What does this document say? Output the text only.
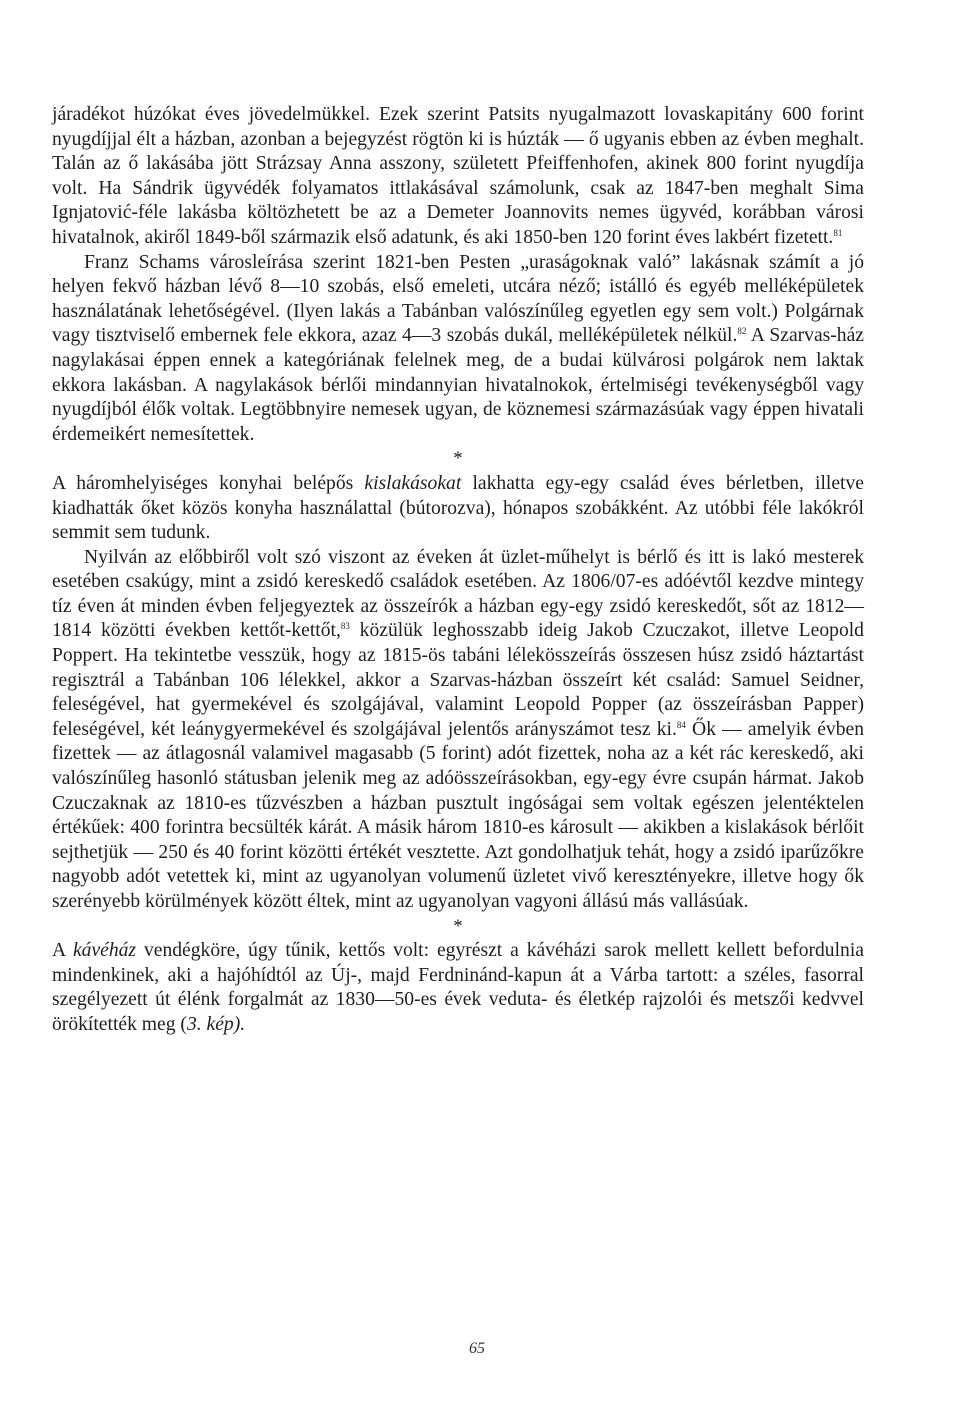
járadékot húzókat éves jövedelmükkel. Ezek szerint Patsits nyugalmazott lovaskapitány 600 forint nyugdíjjal élt a házban, azonban a bejegyzést rögtön ki is húzták — ő ugyanis ebben az évben meghalt. Talán az ő lakásába jött Strázsay Anna asszony, született Pfeiffenhofen, akinek 800 forint nyugdíja volt. Ha Sándrik ügyvédék folyamatos ittlakásával számolunk, csak az 1847-ben meghalt Sima Ignjatović-féle lakásba költözhetett be az a Demeter Joannovits nemes ügyvéd, korábban városi hivatalnok, akiről 1849-ből származik első adatunk, és aki 1850-ben 120 forint éves lakbért fizetett.$^{81}$

Franz Schams városleírása szerint 1821-ben Pesten „uraságoknak való” lakásnak számít a jó helyen fekvő házban lévő 8—10 szobás, első emeleti, utcára néző; istálló és egyéb melléképületek használatának lehetőségével. (Ilyen lakás a Tabánban valószínűleg egyetlen egy sem volt.) Polgárnak vagy tisztviselő embernek fele ekkora, azaz 4—3 szobás dukál, melléképületek nélkül.$^{82}$ A Szarvas-ház nagylakásai éppen ennek a kategóriának felelnek meg, de a budai külvárosi polgárok nem laktak ekkora lakásban. A nagylakások bérlői mindannyian hivatalnokok, értelmiségi tevékenységből vagy nyugdíjból élők voltak. Legtöbbnyire nemesek ugyan, de köznemesi származásúak vagy éppen hivatali érdemeikért nemesítettek.

*

A háromhelyiséges konyhai belépős kislakásokat lakhatta egy-egy család éves bérletben, illetve kiadhatták őket közös konyha használattal (bútorozva), hónapos szobákként. Az utóbbi féle lakókról semmit sem tudunk.

Nyilván az előbbiről volt szó viszont az éveken át üzlet-műhelyt is bérlő és itt is lakó mesterek esetében csakúgy, mint a zsidó kereskedő családok esetében. Az 1806/07-es adóévtől kezdve mintegy tíz éven át minden évben feljegyeztek az összeírók a házban egy-egy zsidó kereskedőt, sőt az 1812—1814 közötti években kettőt-kettőt,$^{83}$ közülük leghosszabb ideig Jakob Czuczakot, illetve Leopold Poppert. Ha tekintetbe vesszük, hogy az 1815-ös tabáni lélekösszeírás összesen húsz zsidó háztartást regisztrál a Tabánban 106 lélekkel, akkor a Szarvas-házban összeírt két család: Samuel Seidner, feleségével, hat gyermekével és szolgájával, valamint Leopold Popper (az összeírásban Papper) feleségével, két leánygyermekével és szolgájával jelentős arányszámot tesz ki.$^{84}$ Ők — amelyik évben fizettek — az átlagosnál valamivel magasabb (5 forint) adót fizettek, noha az a két rác kereskedő, aki valószínűleg hasonló státusban jelenik meg az adóösszeírásokban, egy-egy évre csupán hármat. Jakob Czuczaknak az 1810-es tűzvészben a házban pusztult ingóságai sem voltak egészen jelentéktelen értékűek: 400 forintra becsülték kárát. A másik három 1810-es károsult — akikben a kislakások bérlőit sejthetjük — 250 és 40 forint közötti értékét vesztette. Azt gondolhatjuk tehát, hogy a zsidó iparűzőkre nagyobb adót vetettek ki, mint az ugyanolyan volumenű üzletet vivő keresztényekre, illetve hogy ők szerényebb körülmények között éltek, mint az ugyanolyan vagyoni állású más vallásúak.

*

A kávéház vendégköre, úgy tűnik, kettős volt: egyrészt a kávéházi sarok mellett kellett befordulnia mindenkinek, aki a hajóhídtól az Új-, majd Ferdninánd-kapun át a Várba tartott: a széles, fasorral szegélyezett út élénk forgalmát az 1830—50-es évek veduta- és életkép rajzolói és metszői kedvvel örökítették meg (3. kép).

65
